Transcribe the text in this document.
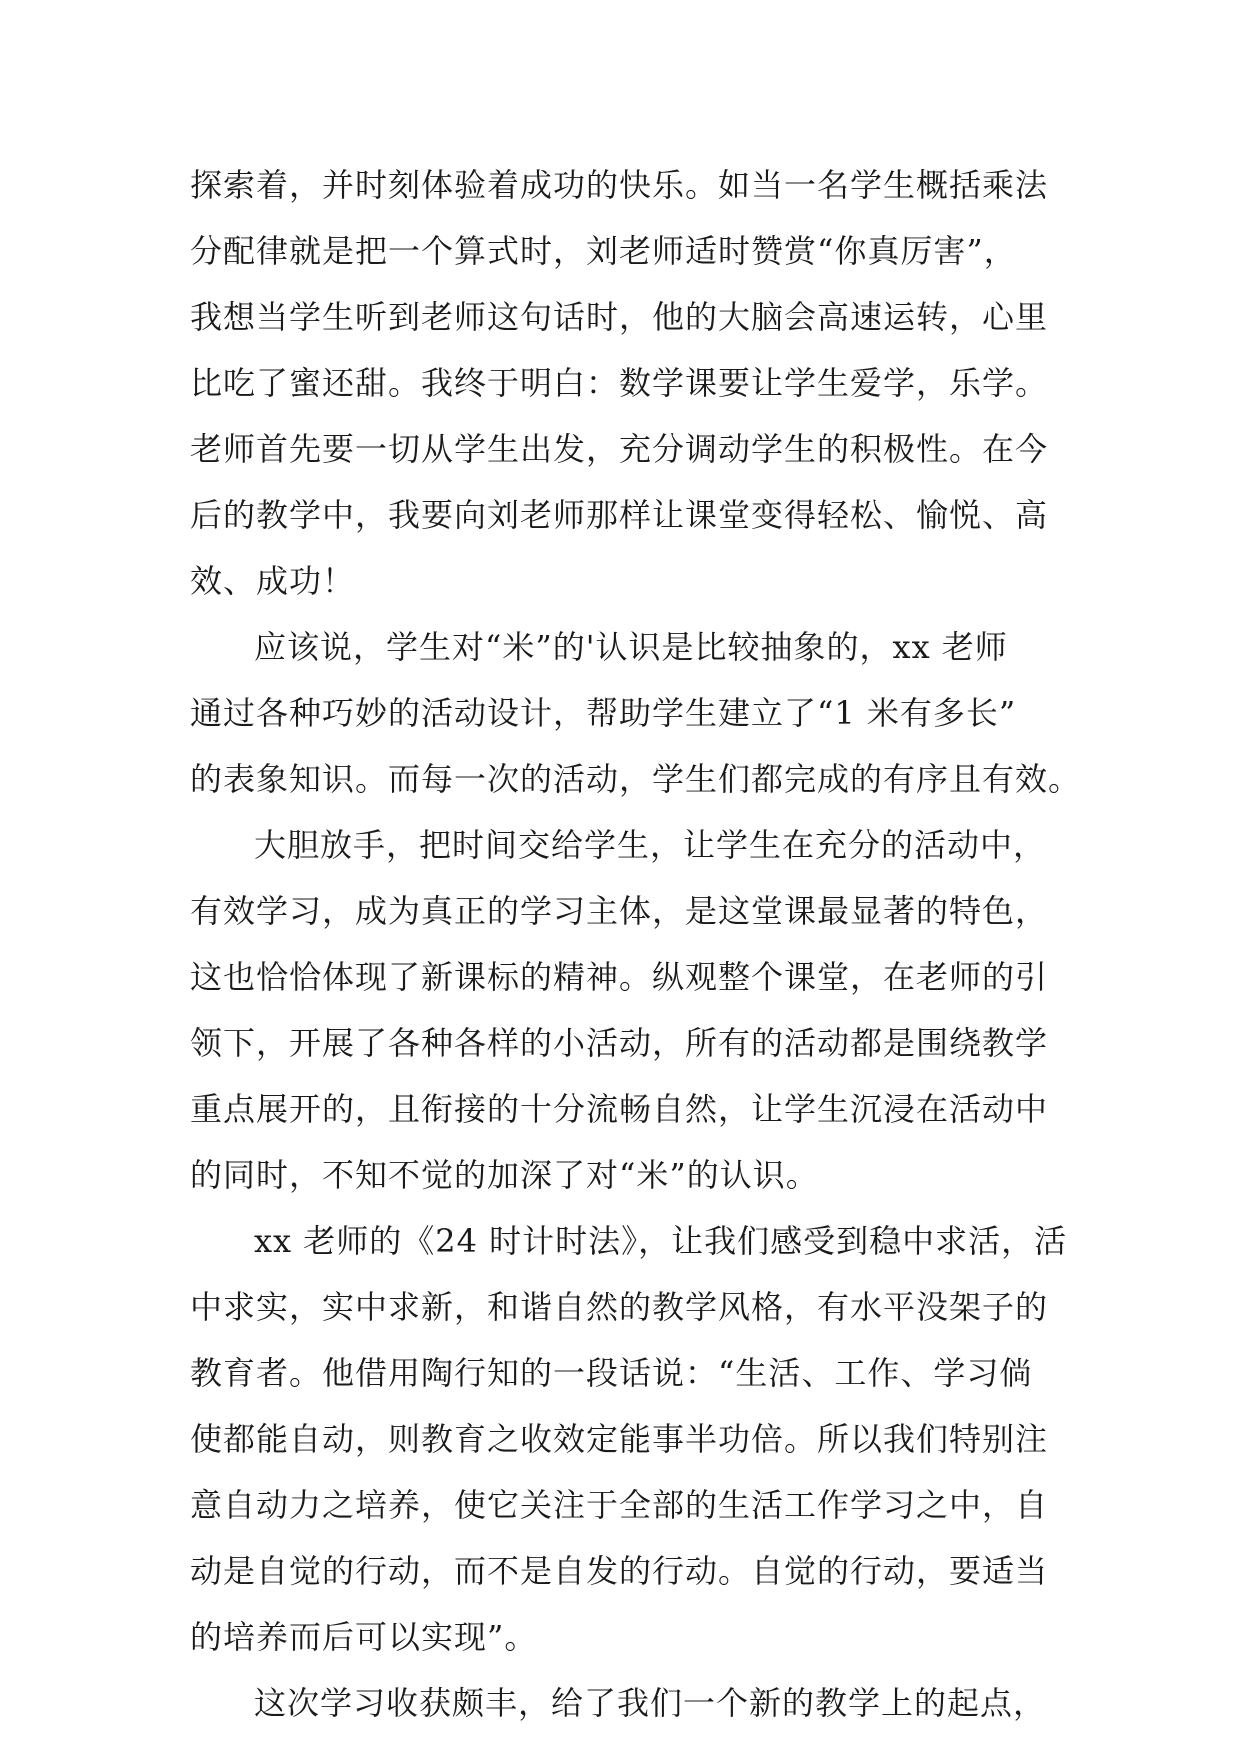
探索着，并时刻体验着成功的快乐。如当一名学生概括乘法
分配律就是把一个算式时，刘老师适时赞赏“你真厉害”，
我想当学生听到老师这句话时，他的大脑会高速运转，心里
比吃了蜜还甜。我终于明白：数学课要让学生爱学，乐学。
老师首先要一切从学生出发，充分调动学生的积极性。在今
后的教学中，我要向刘老师那样让课堂变得轻松、愉悦、高
效、成功！
应该说，学生对“米”的'认识是比较抽象的，xx 老师
通过各种巧妙的活动设计，帮助学生建立了“1 米有多长”
的表象知识。而每一次的活动，学生们都完成的有序且有效。
大胆放手，把时间交给学生，让学生在充分的活动中，
有效学习，成为真正的学习主体，是这堂课最显著的特色，
这也恰恰体现了新课标的精神。纵观整个课堂，在老师的引
领下，开展了各种各样的小活动，所有的活动都是围绕教学
重点展开的，且衔接的十分流畅自然，让学生沉浸在活动中
的同时，不知不觉的加深了对“米”的认识。
xx 老师的《24 时计时法》，让我们感受到稳中求活，活
中求实，实中求新，和谐自然的教学风格，有水平没架子的
教育者。他借用陶行知的一段话说：“生活、工作、学习倘
使都能自动，则教育之收效定能事半功倍。所以我们特别注
意自动力之培养，使它关注于全部的生活工作学习之中，自
动是自觉的行动，而不是自发的行动。自觉的行动，要适当
的培养而后可以实现”。
这次学习收获颇丰，给了我们一个新的教学上的起点，
